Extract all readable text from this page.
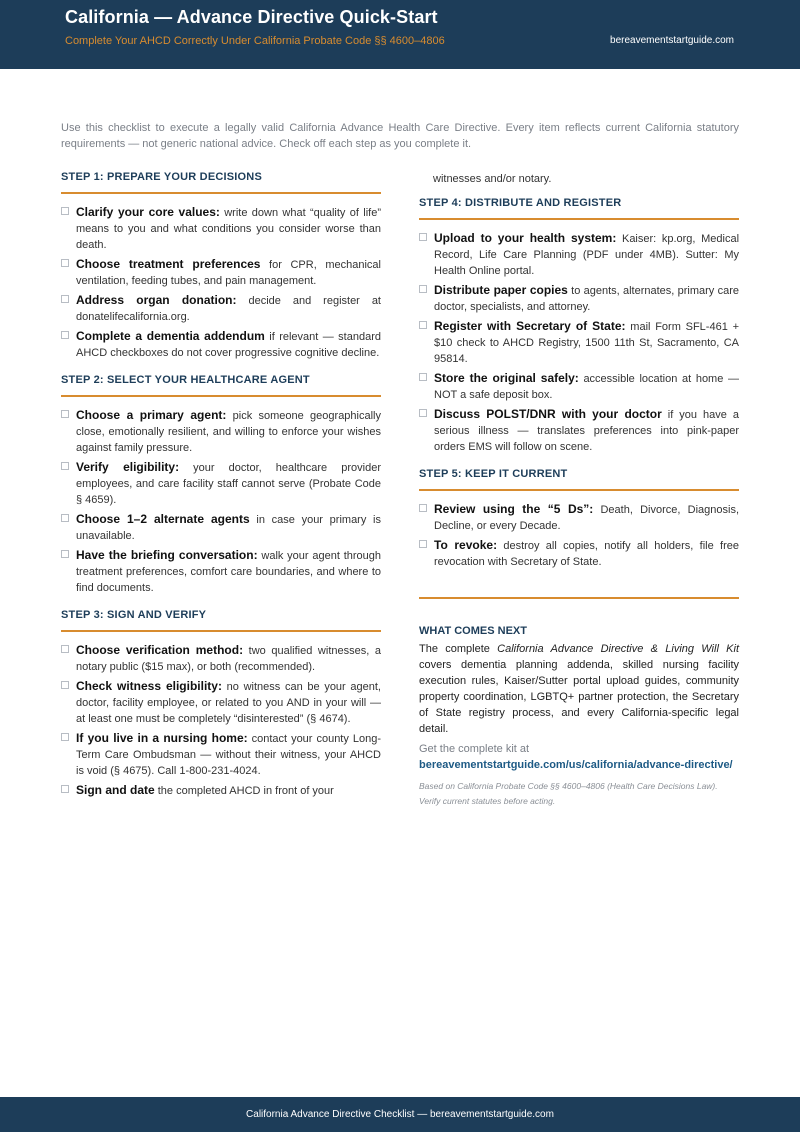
California — Advance Directive Quick-Start
Complete Your AHCD Correctly Under California Probate Code §§ 4600–4806	bereavementstartguide.com
Use this checklist to execute a legally valid California Advance Health Care Directive. Every item reflects current California statutory requirements — not generic national advice. Check off each step as you complete it.
STEP 1: PREPARE YOUR DECISIONS
Clarify your core values: write down what “quality of life” means to you and what conditions you consider worse than death.
Choose treatment preferences for CPR, mechanical ventilation, feeding tubes, and pain management.
Address organ donation: decide and register at donatelifecalifornia.org.
Complete a dementia addendum if relevant — standard AHCD checkboxes do not cover progressive cognitive decline.
STEP 2: SELECT YOUR HEALTHCARE AGENT
Choose a primary agent: pick someone geographically close, emotionally resilient, and willing to enforce your wishes against family pressure.
Verify eligibility: your doctor, healthcare provider employees, and care facility staff cannot serve (Probate Code § 4659).
Choose 1–2 alternate agents in case your primary is unavailable.
Have the briefing conversation: walk your agent through treatment preferences, comfort care boundaries, and where to find documents.
STEP 3: SIGN AND VERIFY
Choose verification method: two qualified witnesses, a notary public ($15 max), or both (recommended).
Check witness eligibility: no witness can be your agent, doctor, facility employee, or related to you AND in your will — at least one must be completely “disinterested” (§ 4674).
If you live in a nursing home: contact your county Long-Term Care Ombudsman — without their witness, your AHCD is void (§ 4675). Call 1-800-231-4024.
Sign and date the completed AHCD in front of your
witnesses and/or notary.
STEP 4: DISTRIBUTE AND REGISTER
Upload to your health system: Kaiser: kp.org, Medical Record, Life Care Planning (PDF under 4MB). Sutter: My Health Online portal.
Distribute paper copies to agents, alternates, primary care doctor, specialists, and attorney.
Register with Secretary of State: mail Form SFL-461 + $10 check to AHCD Registry, 1500 11th St, Sacramento, CA 95814.
Store the original safely: accessible location at home — NOT a safe deposit box.
Discuss POLST/DNR with your doctor if you have a serious illness — translates preferences into pink-paper orders EMS will follow on scene.
STEP 5: KEEP IT CURRENT
Review using the “5 Ds”: Death, Divorce, Diagnosis, Decline, or every Decade.
To revoke: destroy all copies, notify all holders, file free revocation with Secretary of State.
WHAT COMES NEXT
The complete California Advance Directive & Living Will Kit covers dementia planning addenda, skilled nursing facility execution rules, Kaiser/Sutter portal upload guides, community property coordination, LGBTQ+ partner protection, the Secretary of State registry process, and every California-specific legal detail.
Get the complete kit at
bereavementstartguide.com/us/california/advance-directive/
Based on California Probate Code §§ 4600–4806 (Health Care Decisions Law). Verify current statutes before acting.
California Advance Directive Checklist — bereavementstartguide.com
